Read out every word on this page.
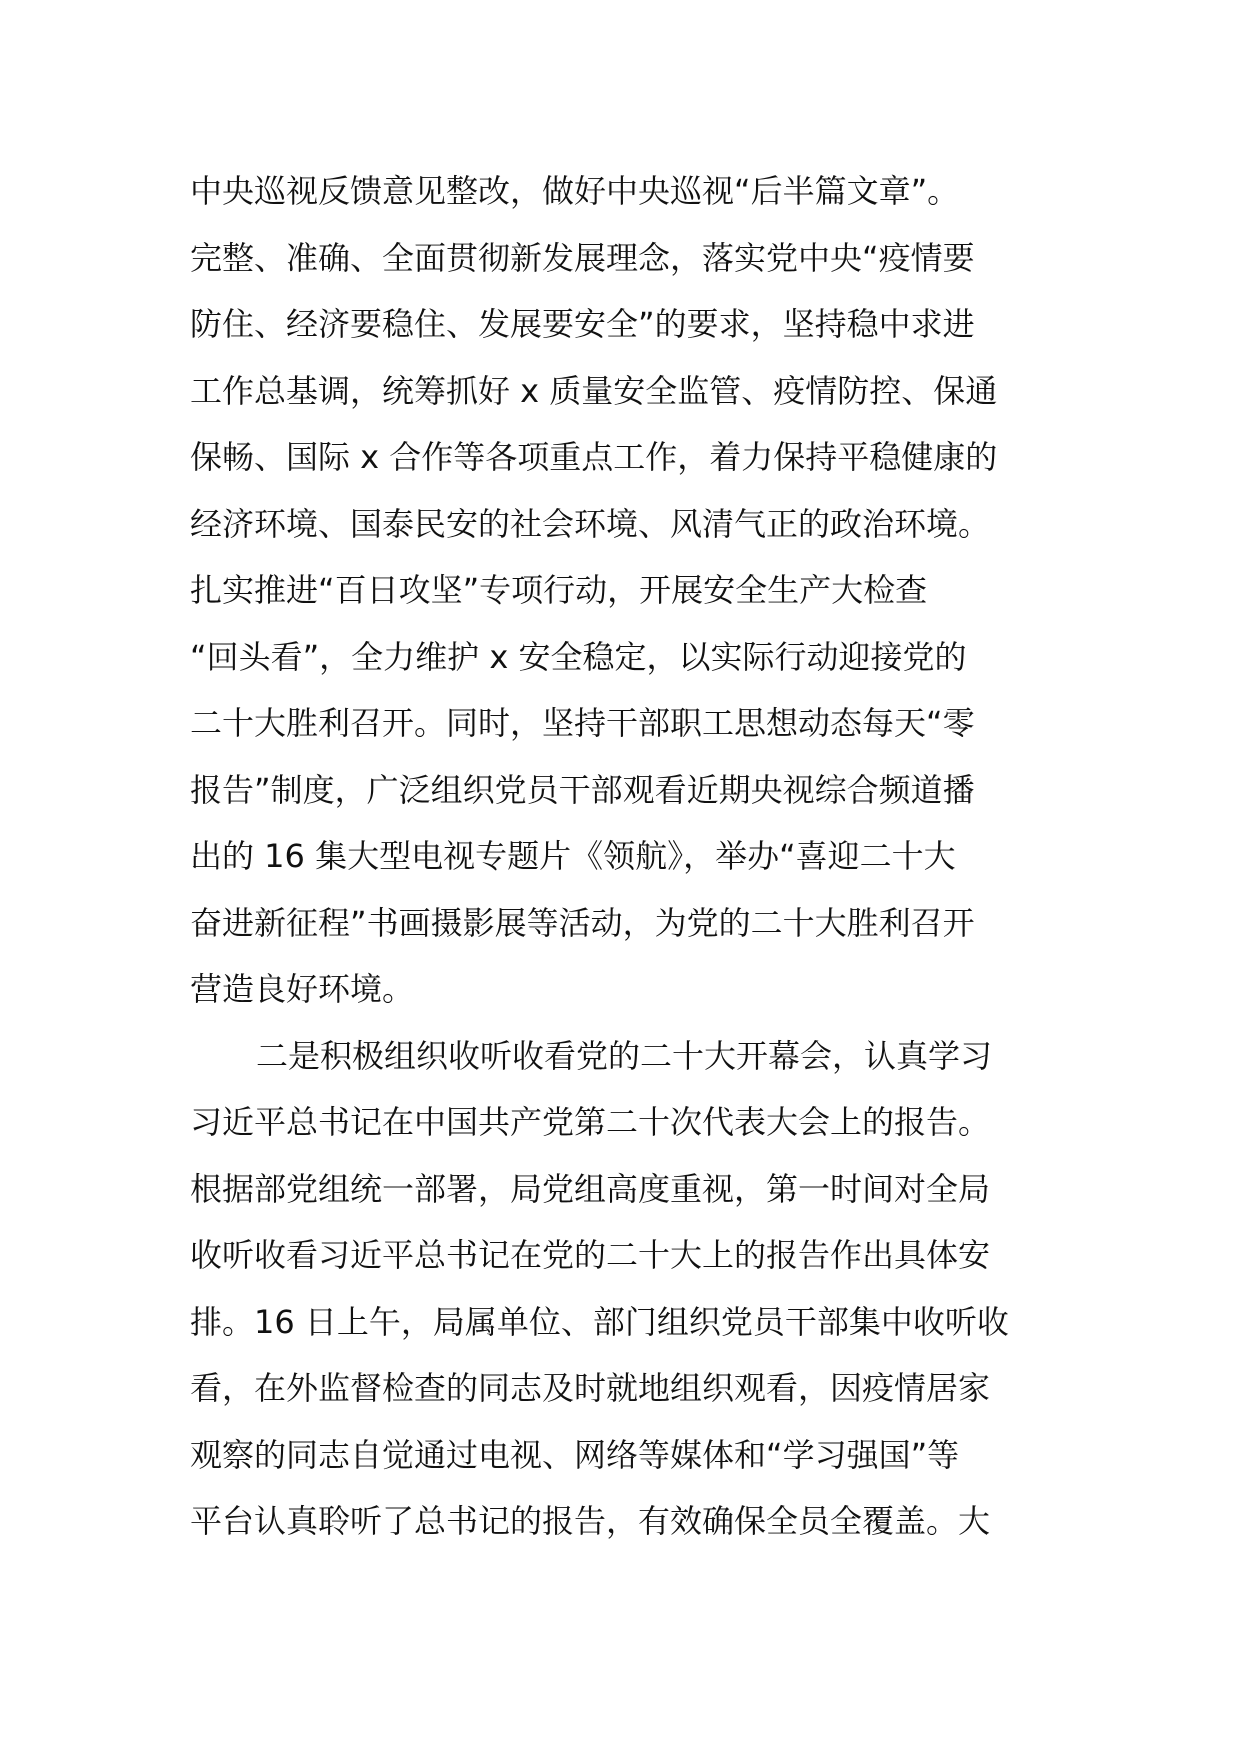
中央巡视反馈意见整改，做好中央巡视“后半篇文章”。
完整、准确、全面贯彻新发展理念，落实党中央“疫情要
防住、经济要稳住、发展要安全”的要求，坚持稳中求进
工作总基调，统筹抓好 x 质量安全监管、疫情防控、保通
保畅、国际 x 合作等各项重点工作，着力保持平稳健康的
经济环境、国泰民安的社会环境、风清气正的政治环境。
扎实推进“百日攻坚”专项行动，开展安全生产大检查
“回头看”，全力维护 x 安全稳定，以实际行动迎接党的
二十大胜利召开。同时，坚持干部职工思想动态每天“零
报告”制度，广泛组织党员干部观看近期央视综合频道播
出的 16 集大型电视专题片《领航》，举办“喜迎二十大
奋进新征程”书画摄影展等活动，为党的二十大胜利召开
营造良好环境。
二是积极组织收听收看党的二十大开幕会，认真学习
习近平总书记在中国共产党第二十次代表大会上的报告。
根据部党组统一部署，局党组高度重视，第一时间对全局
收听收看习近平总书记在党的二十大上的报告作出具体安
排。16 日上午，局属单位、部门组织党员干部集中收听收
看，在外监督检查的同志及时就地组织观看，因疫情居家
观察的同志自觉通过电视、网络等媒体和“学习强国”等
平台认真聆听了总书记的报告，有效确保全员全覆盖。大
